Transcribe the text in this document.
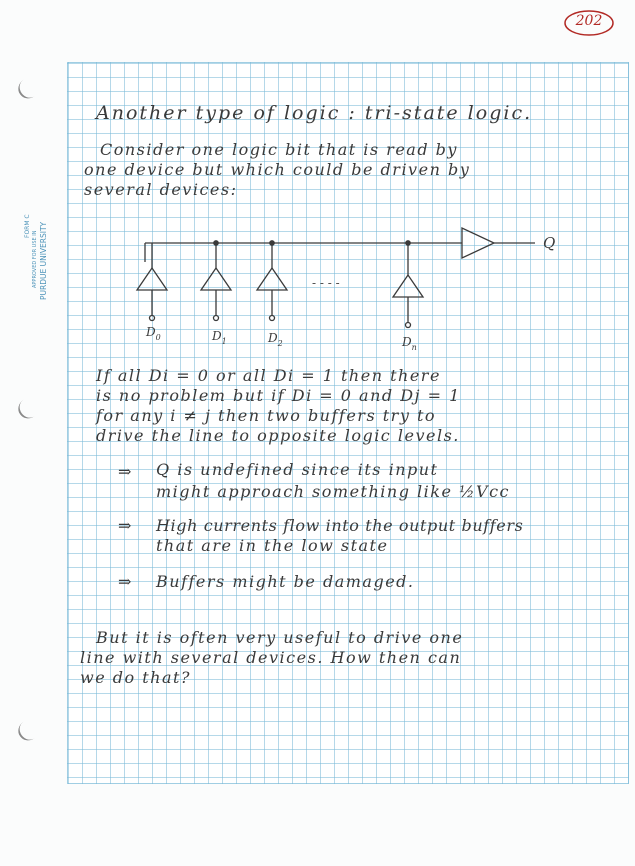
202
FORM C
APPROVED FOR USE IN PURDUE UNIVERSITY
Another type of logic : tri-state logic.
Consider one logic bit that is read by
one device but which could be driven by
several devices:
Q
- - - -
$D_0$	$D_1$	$D_2$	$D_n$
If all Di = 0 or all Di = 1 then there
is no problem but if Di = 0 and Dj = 1
for any i ≠ j then two buffers try to
drive the line to opposite logic levels.
⇒ Q is undefined since its input
might approach something like ½Vcc
⇒ High currents flow into the output buffers
that are in the low state
⇒ Buffers might be damaged.
But it is often very useful to drive one
line with several devices. How then can
we do that?
